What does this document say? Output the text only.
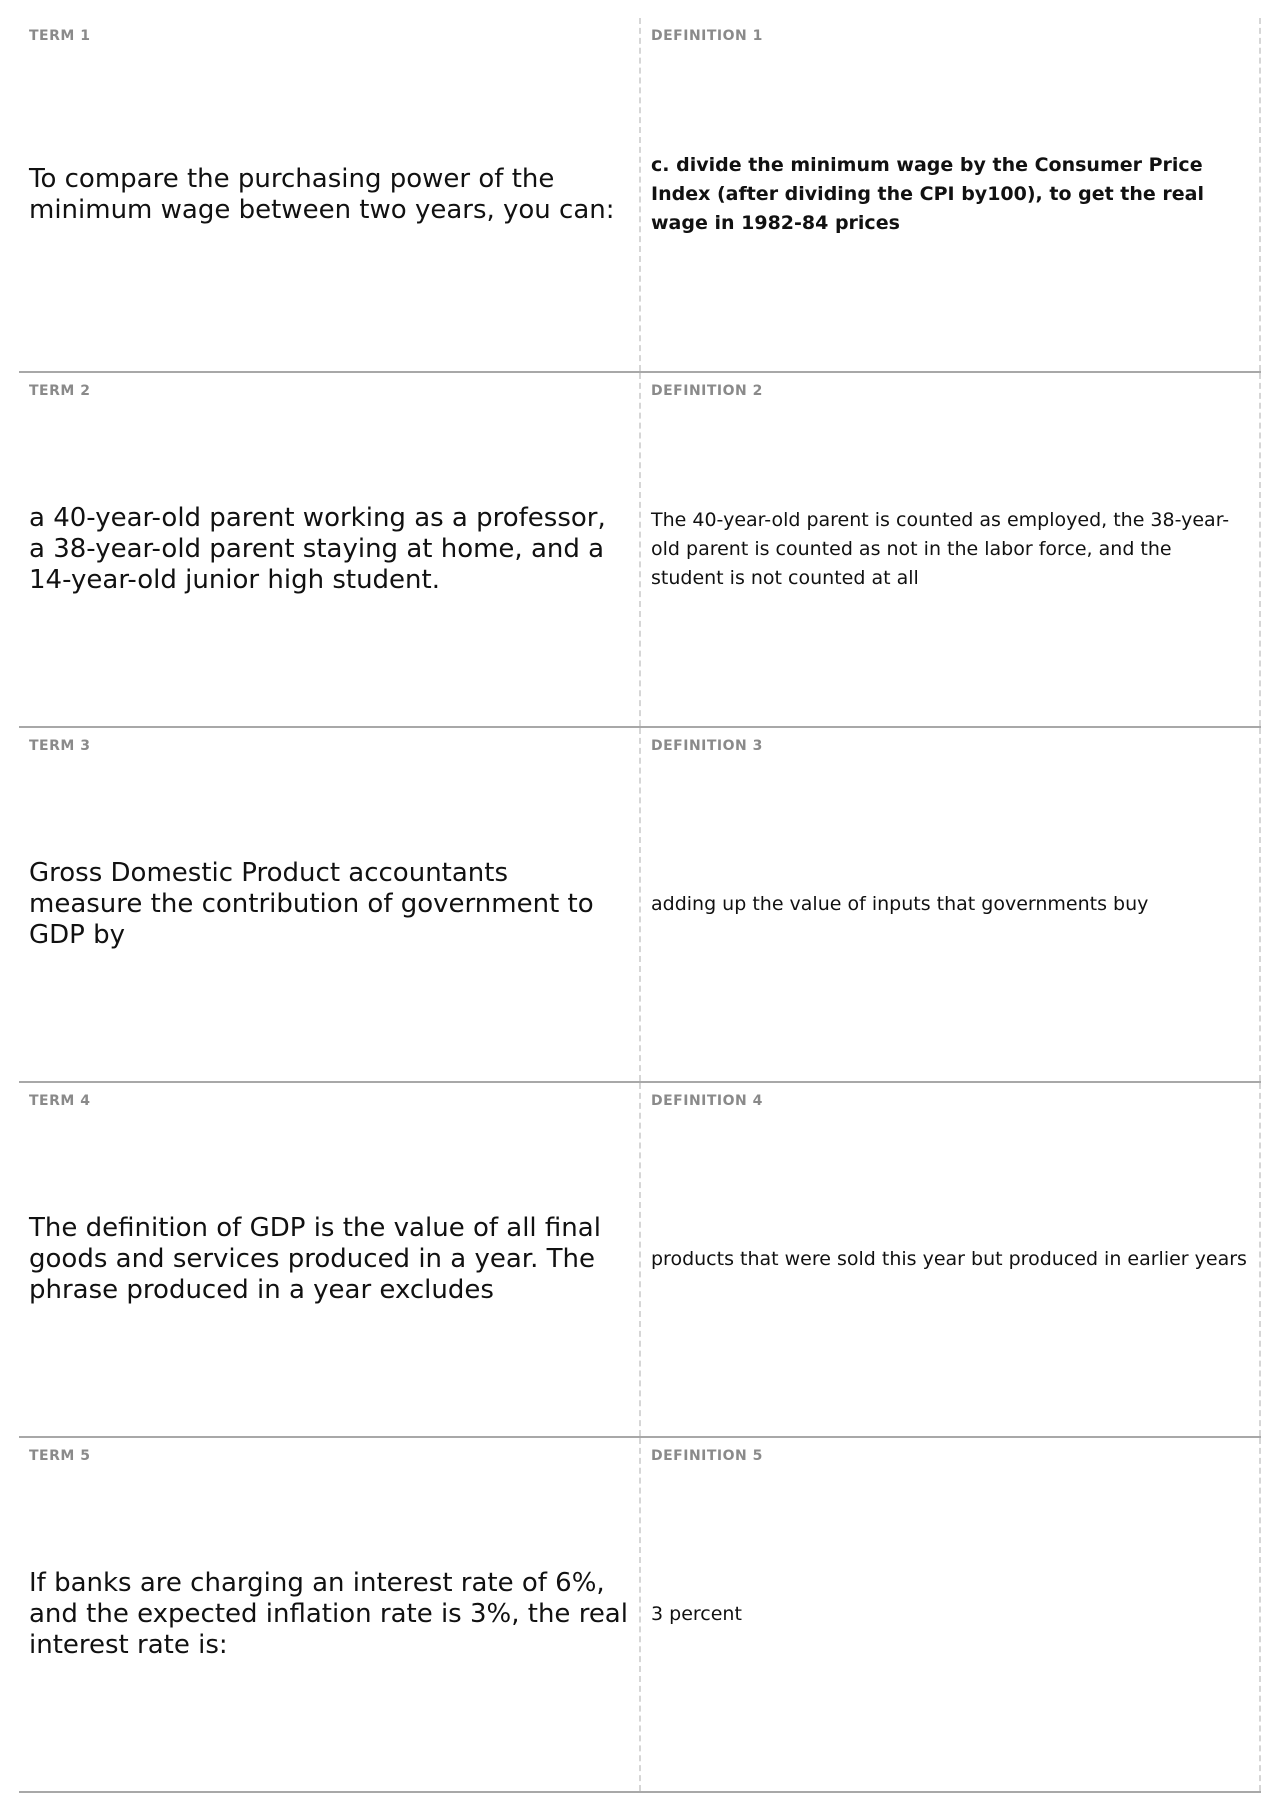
TERM 1
To compare the purchasing power of the minimum wage between two years, you can:
DEFINITION 1
c. divide the minimum wage by the Consumer Price Index (after dividing the CPI by100), to get the real wage in 1982-84 prices
TERM 2
a 40-year-old parent working as a professor, a 38-year-old parent staying at home, and a 14-year-old junior high student.
DEFINITION 2
The 40-year-old parent is counted as employed, the 38-year-old parent is counted as not in the labor force, and the student is not counted at all
TERM 3
Gross Domestic Product accountants measure the contribution of government to GDP by
DEFINITION 3
adding up the value of inputs that governments buy
TERM 4
The definition of GDP is the value of all final goods and services produced in a year. The phrase produced in a year excludes
DEFINITION 4
products that were sold this year but produced in earlier years
TERM 5
If banks are charging an interest rate of 6%, and the expected inflation rate is 3%, the real interest rate is:
DEFINITION 5
3 percent
